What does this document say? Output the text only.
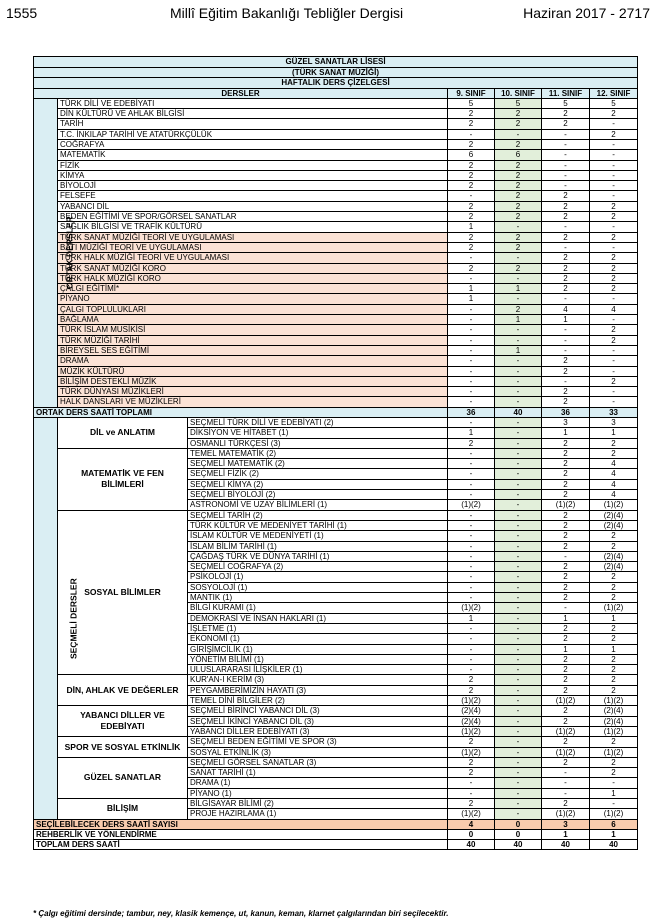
1555	Millî Eğitim Bakanlığı Tebliğler Dergisi	Haziran 2017 - 2717
GÜZEL SANATLAR LİSESİ						
(TÜRK SANAT MÜZİĞİ)						
HAFTALIK DERS ÇİZELGESİ						
DERSLER			9. SINIF	10. SINIF	11. SINIF	12. SINIF
ORTAK DERSLER	TÜRK DİLİ VE EDEBİYATI		5	5	5	5
	DİN KÜLTÜRÜ VE AHLAK BİLGİSİ		2	2	2	2
	TARİH		2	2	2	-
	T.C. İNKILAP TARİHİ VE ATATÜRKÇÜLÜK		-	-	-	2
	COĞRAFYA		2	2	-	-
	MATEMATİK		6	6	-	-
	FİZİK		2	2	-	-
	KİMYA		2	2	-	-
	BİYOLOJİ		2	2	-	-
	FELSEFE		-	2	2	-
	YABANCI DİL		2	2	2	2
	BEDEN EĞİTİMİ VE SPOR/GÖRSEL SANATLAR		2	2	2	2
	SAĞLIK BİLGİSİ VE TRAFİK KÜLTÜRÜ		1	-	-	-
	TÜRK SANAT MÜZİĞİ TEORİ VE UYGULAMASI		2	2	2	2
	BATI MÜZİĞİ TEORİ VE UYGULAMASI		2	2	-	-
	TÜRK HALK MÜZİĞİ TEORİ VE UYGULAMASI		-	-	2	2
	TÜRK SANAT MÜZİĞİ KORO		2	2	2	2
	TÜRK HALK MÜZİĞİ KORO		-	-	2	2
	ÇALGI EĞİTİMİ*		1	1	2	2
	PİYANO		1	-	-	-
	ÇALGI TOPLULUKLARI		-	2	4	4
	BAĞLAMA		-	1	1	-
	TÜRK İSLAM MUSİKİSİ		-	-	-	2
	TÜRK MÜZİĞİ TARİHİ		-	-	-	2
	BİREYSEL SES EĞİTİMİ		-	1	-	-
	DRAMA		-	-	2	-
	MÜZİK KÜLTÜRÜ		-	-	2	-
	BİLİŞİM DESTEKLİ MÜZİK		-	-	-	2
	TÜRK DÜNYASI MÜZİKLERİ		-	-	2	-
	HALK DANSLARI VE MÜZİKLERİ		-	-	2	-
ORTAK DERS SAATİ TOPLAMI			36	40	36	33
SEÇMELİ DERSLER	DİL ve ANLATIM	SEÇMELİ TÜRK DİLİ VE EDEBİYATI (2)	-	-	3	3
		DİKSİYON VE HİTABET (1)	1	-	1	1
		OSMANLI TÜRKÇESİ (3)	2	-	2	2
	MATEMATİK VE FEN BİLİMLERİ	TEMEL MATEMATİK (2)	-	-	2	2
		SEÇMELİ MATEMATİK (2)	-	-	2	4
		SEÇMELİ FİZİK (2)	-	-	2	4
		SEÇMELİ KİMYA (2)	-	-	2	4
		SEÇMELİ BİYOLOJİ (2)	-	-	2	4
		ASTRONOMİ VE UZAY BİLİMLERİ (1)	(1)(2)	-	(1)(2)	(1)(2)
	SOSYAL BİLİMLER	SEÇMELİ TARİH (2)	-	-	2	(2)(4)
		TÜRK KÜLTÜR VE MEDENİYET TARİHİ (1)	-	-	2	(2)(4)
		İSLAM KÜLTÜR VE MEDENİYETİ (1)	-	-	2	2
		İSLAM BİLİM TARİHİ (1)	-	-	2	2
		ÇAĞDAŞ TÜRK VE DÜNYA TARİHİ (1)	-	-	-	(2)(4)
		SEÇMELİ COĞRAFYA (2)	-	-	2	(2)(4)
		PSİKOLOJİ (1)	-	-	2	2
		SOSYOLOJİ (1)	-	-	2	2
		MANTIK (1)	-	-	2	2
		BİLGİ KURAMI (1)	(1)(2)	-	-	(1)(2)
		DEMOKRASİ VE İNSAN HAKLARI (1)	1	-	1	1
		İŞLETME (1)	-	-	2	2
		EKONOMİ (1)	-	-	2	2
		GİRİŞİMCİLİK (1)	-	-	1	1
		YÖNETİM BİLİMİ (1)	-	-	2	2
		ULUSLARARASI İLİŞKİLER (1)	-	-	2	2
	DİN, AHLAK VE DEĞERLER	KUR'AN-I KERİM (3)	2	-	2	2
		PEYGAMBERİMİZİN HAYATI (3)	2	-	2	2
		TEMEL DİNİ BİLGİLER (2)	(1)(2)	-	(1)(2)	(1)(2)
	YABANCI DİLLER VE EDEBİYATI	SEÇMELİ BİRİNCİ YABANCI DİL (3)	(2)(4)	-	2	(2)(4)
		SEÇMELİ İKİNCİ YABANCI DİL (3)	(2)(4)	-	2	(2)(4)
		YABANCI DİLLER EDEBİYATI (3)	(1)(2)	-	(1)(2)	(1)(2)
	SPOR VE SOSYAL ETKİNLİK	SEÇMELİ BEDEN EĞİTİMİ VE SPOR (3)	2	-	2	2
		SOSYAL ETKİNLİK (3)	(1)(2)	-	(1)(2)	(1)(2)
	GÜZEL SANATLAR	SEÇMELİ GÖRSEL SANATLAR (3)	2	-	2	2
		SANAT TARİHİ (1)	2	-	-	2
		DRAMA (1)	-	-	-	-
		PİYANO (1)	-	-	-	1
	BİLİŞİM	BİLGİSAYAR BİLİMİ (2)	2	-	2	-
		PROJE HAZIRLAMA (1)	(1)(2)	-	(1)(2)	(1)(2)
SEÇİLEBİLECEK DERS SAATİ SAYISI			4	0	3	6
REHBERLİK VE YÖNLENDİRME			0	0	1	1
TOPLAM DERS SAATİ			40	40	40	40
* Çalgı eğitimi dersinde; tambur, ney, klasik kemençe, ut, kanun, keman, klarnet çalgılarından biri seçilecektir.
